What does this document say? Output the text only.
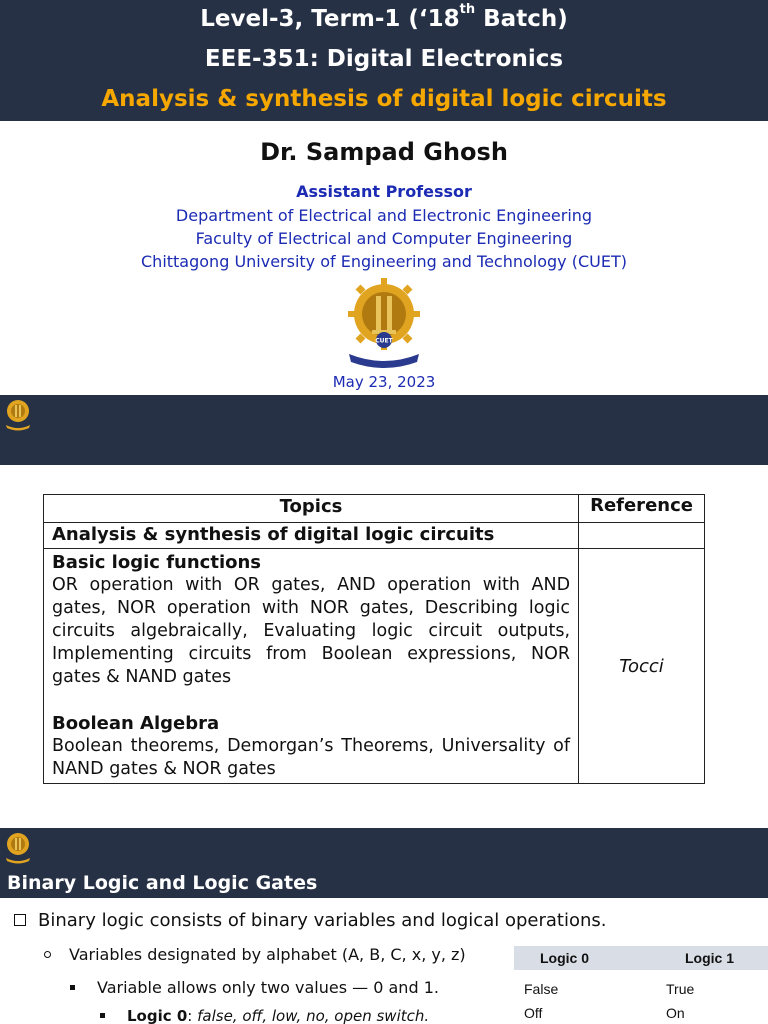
Level-3, Term-1 (‘18th Batch)
EEE-351: Digital Electronics
Analysis & synthesis of digital logic circuits
Dr. Sampad Ghosh
Assistant Professor
Department of Electrical and Electronic Engineering
Faculty of Electrical and Computer Engineering
Chittagong University of Engineering and Technology (CUET)
CUET
May 23, 2023
Topics	Reference
Analysis & synthesis of digital logic circuits	

Basic logic functions
OR operation with OR gates, AND operation with AND gates, NOR operation with NOR gates, Describing logic circuits algebraically, Evaluating logic circuit outputs, Implementing circuits from Boolean expressions, NOR gates & NAND gates
Boolean Algebra
Boolean theorems, Demorgan’s Theorems, Universality of NAND gates & NOR gates	Tocci
Binary Logic and Logic Gates
Binary logic consists of binary variables and logical operations.
Variables designated by alphabet (A, B, C, x, y, z)
Variable allows only two values — 0 and 1.
Logic 0: false, off, low, no, open switch.
Logic 0	Logic 1
False	True
Off	On
